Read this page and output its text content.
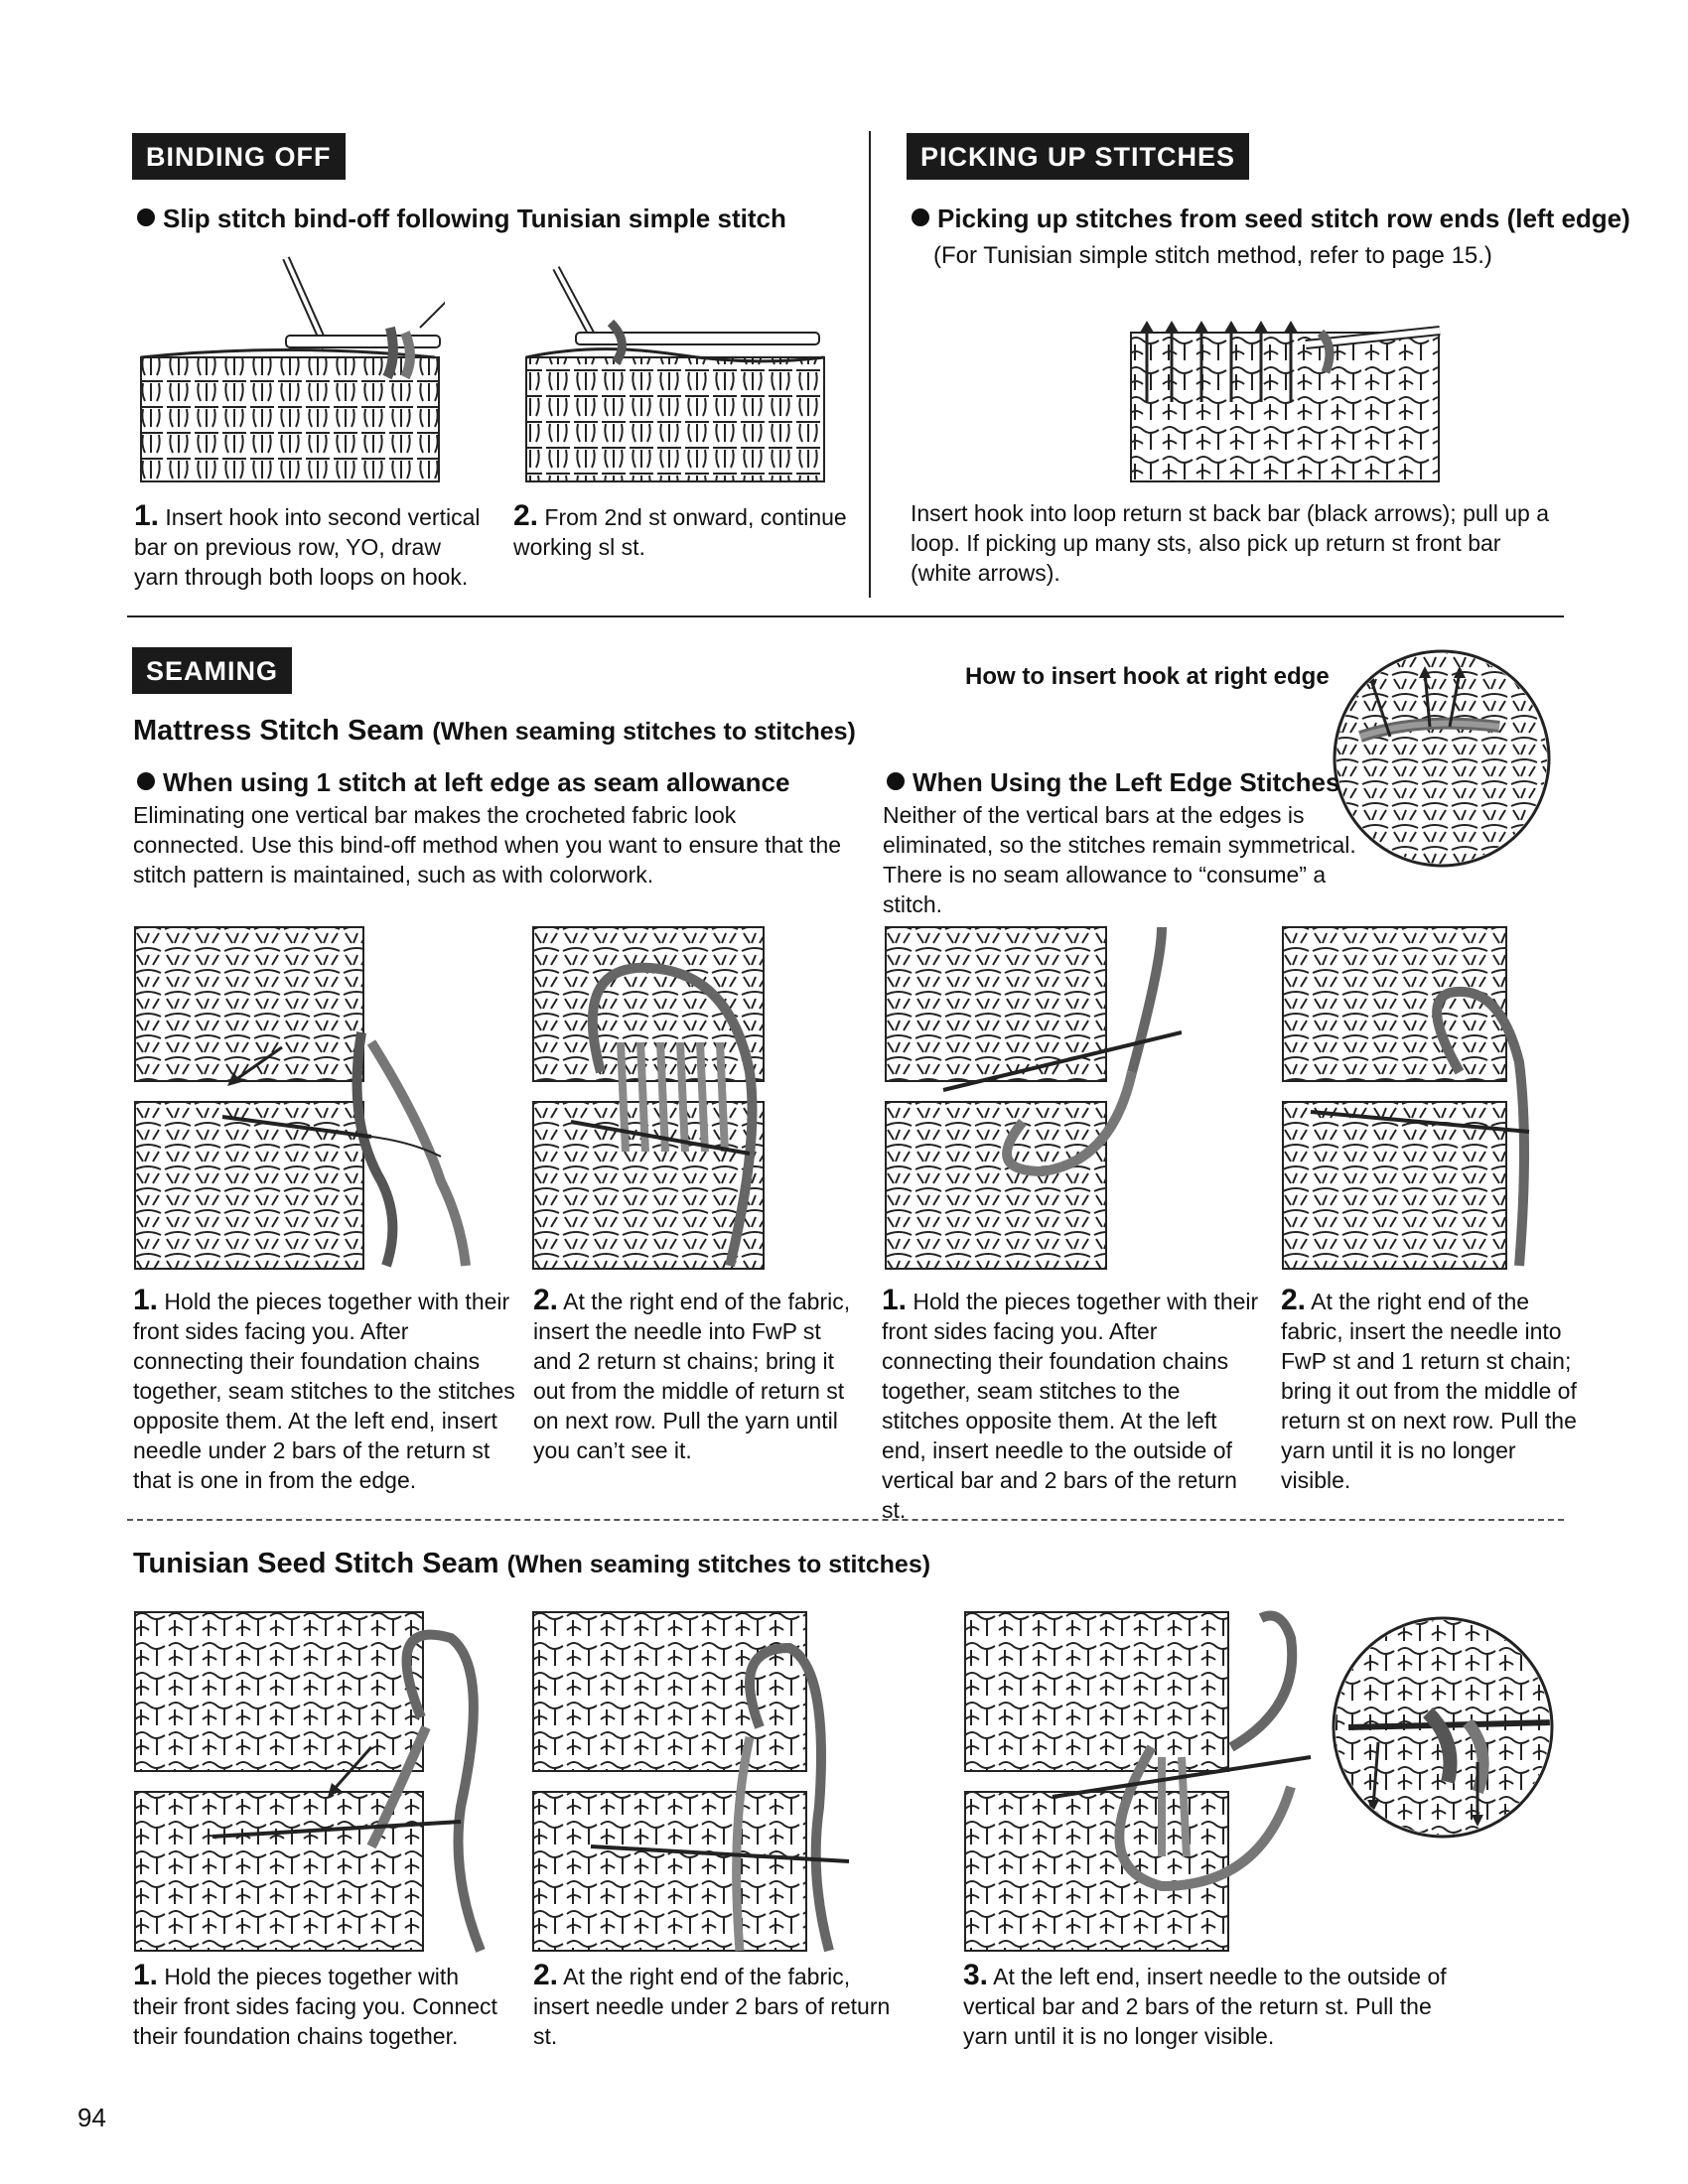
BINDING OFF
Slip stitch bind-off following Tunisian simple stitch
1. Insert hook into second vertical bar on previous row, YO, draw yarn through both loops on hook.
2. From 2nd st onward, continue working sl st.
PICKING UP STITCHES
Picking up stitches from seed stitch row ends (left edge)
(For Tunisian simple stitch method, refer to page 15.)
Insert hook into loop return st back bar (black arrows); pull up a loop. If picking up many sts, also pick up return st front bar (white arrows).
SEAMING	How to insert hook at right edge
Mattress Stitch Seam (When seaming stitches to stitches)
When using 1 stitch at left edge as seam allowance
Eliminating one vertical bar makes the crocheted fabric look connected. Use this bind-off method when you want to ensure that the stitch pattern is maintained, such as with colorwork.
When Using the Left Edge Stitches
Neither of the vertical bars at the edges is eliminated, so the stitches remain symmetrical. There is no seam allowance to “consume” a stitch.
1. Hold the pieces together with their front sides facing you. After connecting their foundation chains together, seam stitches to the stitches opposite them. At the left end, insert needle under 2 bars of the return st that is one in from the edge.
2. At the right end of the fabric, insert the needle into FwP st and 2 return st chains; bring it out from the middle of return st on next row. Pull the yarn until you can’t see it.
1. Hold the pieces together with their front sides facing you. After connecting their foundation chains together, seam stitches to the stitches opposite them. At the left end, insert needle to the outside of vertical bar and 2 bars of the return st.
2. At the right end of the fabric, insert the needle into FwP st and 1 return st chain; bring it out from the middle of return st on next row. Pull the yarn until it is no longer visible.
Tunisian Seed Stitch Seam (When seaming stitches to stitches)
1. Hold the pieces together with their front sides facing you. Connect their foundation chains together.
2. At the right end of the fabric, insert needle under 2 bars of return st.
3. At the left end, insert needle to the outside of vertical bar and 2 bars of the return st. Pull the yarn until it is no longer visible.
94
